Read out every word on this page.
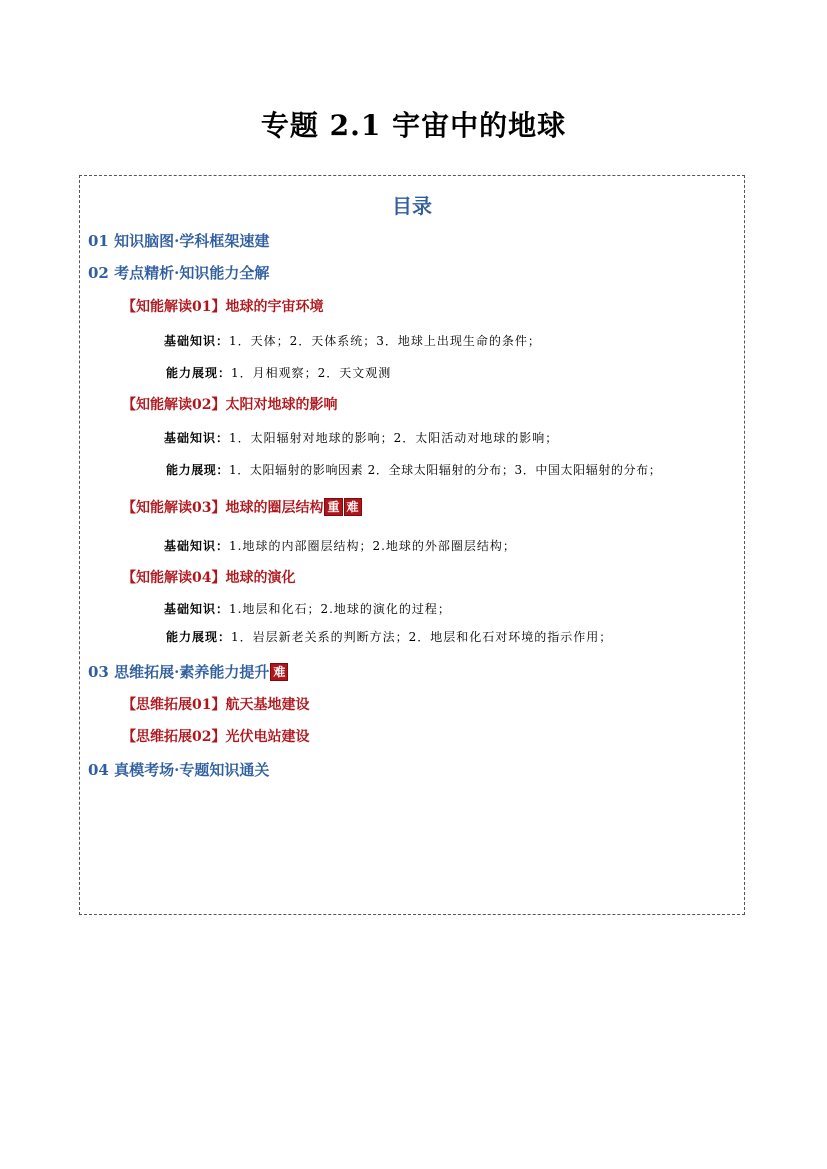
专题 2.1 宇宙中的地球
目录
01 知识脑图·学科框架速建
02 考点精析·知识能力全解
【知能解读01】地球的宇宙环境
基础知识：1．天体；2．天体系统；3．地球上出现生命的条件；
能力展现：1．月相观察；2．天文观测
【知能解读02】太阳对地球的影响
基础知识：1．太阳辐射对地球的影响；2．太阳活动对地球的影响；
能力展现：1．太阳辐射的影响因素 2．全球太阳辐射的分布；3．中国太阳辐射的分布；
【知能解读03】地球的圈层结构 重 难
基础知识：1.地球的内部圈层结构；2.地球的外部圈层结构；
【知能解读04】地球的演化
基础知识：1.地层和化石；2.地球的演化的过程；
能力展现：1．岩层新老关系的判断方法；2．地层和化石对环境的指示作用；
03 思维拓展·素养能力提升 难
【思维拓展01】航天基地建设
【思维拓展02】光伏电站建设
04 真模考场·专题知识通关
